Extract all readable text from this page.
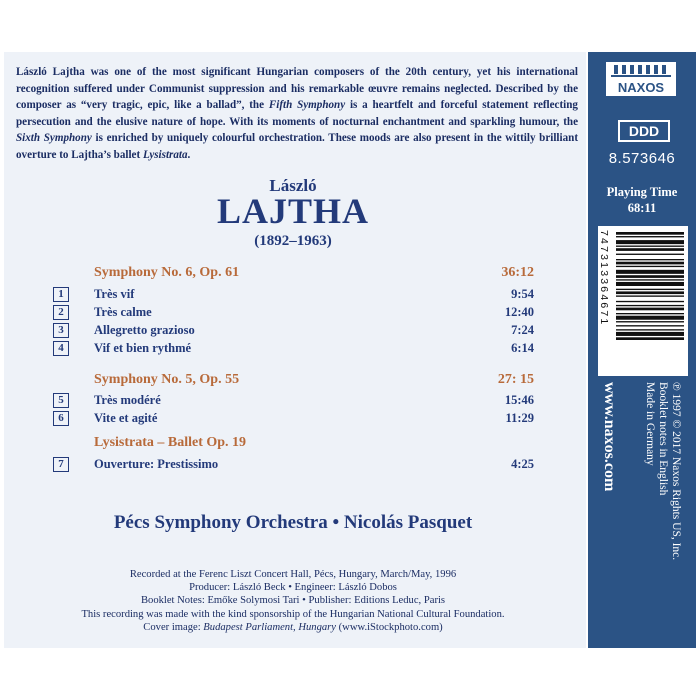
László Lajtha was one of the most significant Hungarian composers of the 20th century, yet his international recognition suffered under Communist suppression and his remarkable œuvre remains neglected. Described by the composer as “very tragic, epic, like a ballad”, the Fifth Symphony is a heartfelt and forceful statement reflecting persecution and the elusive nature of hope. With its moments of nocturnal enchantment and sparkling humour, the Sixth Symphony is enriched by uniquely colourful orchestration. These moods are also present in the wittily brilliant overture to Lajtha’s ballet Lysistrata.
László
LAJTHA
(1892–1963)
Symphony No. 6, Op. 61	36:12
1	Très vif	9:54
2	Très calme	12:40
3	Allegretto grazioso	7:24
4	Vif et bien rythmé	6:14
Symphony No. 5, Op. 55	27: 15
5	Très modéré	15:46
6	Vite et agité	11:29
Lysistrata – Ballet Op. 19
7	Ouverture: Prestissimo	4:25
Pécs Symphony Orchestra • Nicolás Pasquet
Recorded at the Ferenc Liszt Concert Hall, Pécs, Hungary, March/May, 1996
Producer: László Beck • Engineer: László Dobos
Booklet Notes: Emőke Solymosi Tari • Publisher: Editions Leduc, Paris
This recording was made with the kind sponsorship of the Hungarian National Cultural Foundation.
Cover image: Budapest Parliament, Hungary (www.iStockphoto.com)
NAXOS
DDD
8.573646
Playing Time
68:11
747313364671
www.naxos.com	℗ 1997 © 2017 Naxos Rights US, Inc.
Booklet notes in English
Made in Germany
